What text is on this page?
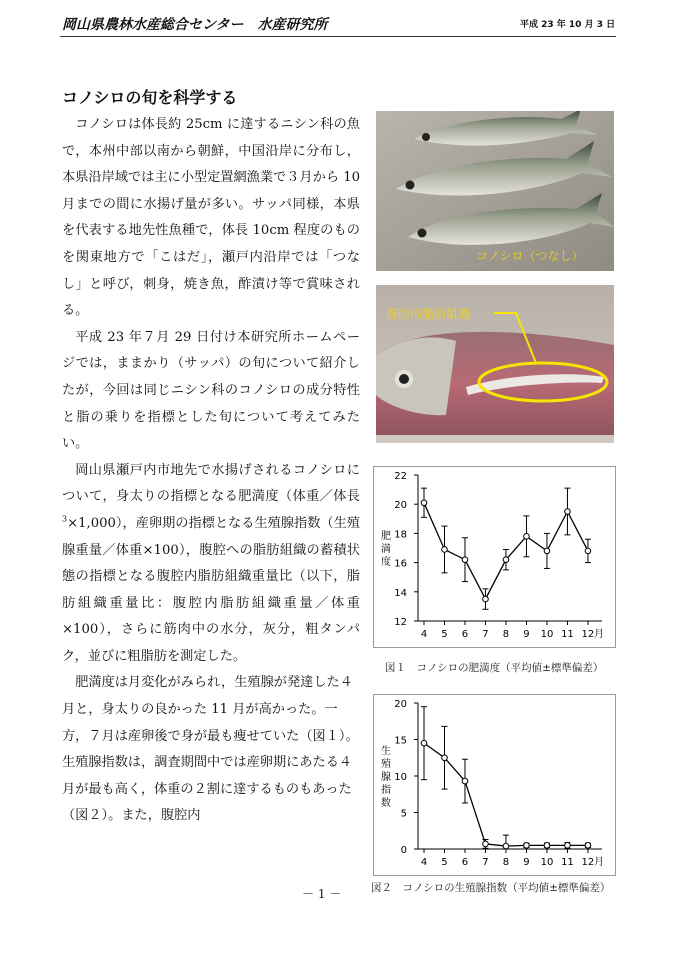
岡山県農林水産総合センター　水産研究所	平成 23 年 10 月 3 日
コノシロの旬を科学する

コノシロは体長約 25cm に達するニシン科の魚で，本州中部以南から朝鮮，中国沿岸に分布し，本県沿岸域では主に小型定置網漁業で３月から 10 月までの間に水揚げ量が多い。サッパ同様，本県を代表する地先性魚種で，体長 10cm 程度のものを関東地方で「こはだ」，瀬戸内沿岸では「つなし」と呼び，刺身，焼き魚，酢漬け等で賞味される。

平成 23 年７月 29 日付け本研究所ホームページでは，ままかり（サッパ）の旬について紹介したが，今回は同じニシン科のコノシロの成分特性と脂の乗りを指標とした旬について考えてみたい。

岡山県瀬戸内市地先で水揚げされるコノシロについて，身太りの指標となる肥満度（体重／体長 $^3$×1,000），産卵期の指標となる生殖腺指数（生殖腺重量／体重×100），腹腔への脂肪組織の蓄積状態の指標となる腹腔内脂肪組織重量比（以下，脂肪組織重量比：腹腔内脂肪組織重量／体重×100），さらに筋肉中の水分，灰分，粗タンパク，並びに粗脂肪を測定した。

肥満度は月変化がみられ，生殖腺が発達した４月と，身太りの良かった 11 月が高かった。一方，７月は産卵後で身が最も痩せていた（図１）。生殖腺指数は，調査期間中では産卵期にあたる４月が最も高く，体重の２割に達するものもあった（図２）。また，腹腔内

コノシロ（つなし）
腹腔内脂肪組織
12
14
16
18
20
22
4 5 6 7 8 9 10 11 12 月
肥
満
度
図１　コノシロの肥満度（平均値±標準偏差）
0
5
10
15
20
4 5 6 7 8 9 10 11 12 月
生
殖
腺
指
数
図２　コノシロの生殖腺指数（平均値±標準偏差）
－ 1 －
